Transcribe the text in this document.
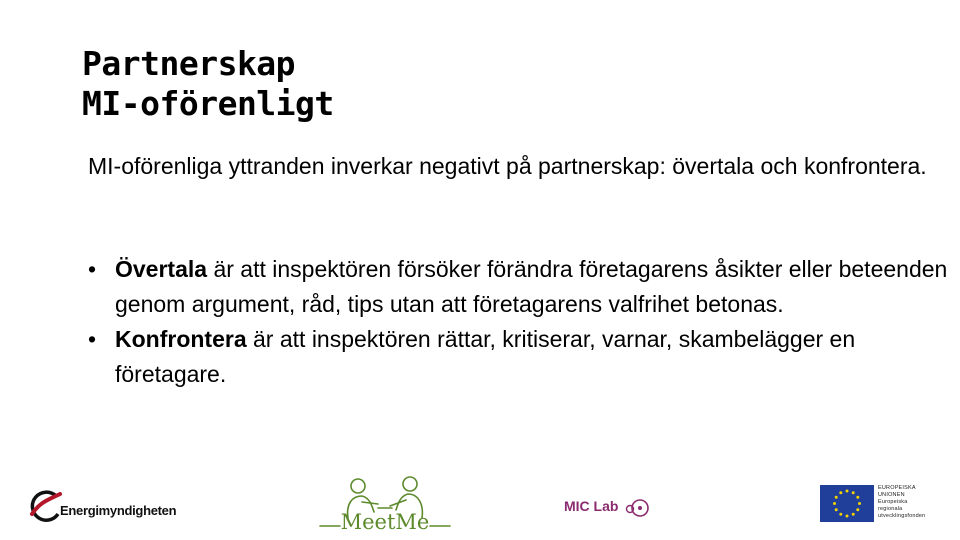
Partnerskap
MI-oförenligt

MI-oförenliga yttranden inverkar negativt på partnerskap: övertala och konfrontera.

• Övertala är att inspektören försöker förändra företagarens åsikter eller beteenden genom argument, råd, tips utan att företagarens valfrihet betonas.
• Konfrontera är att inspektören rättar, kritiserar, varnar, skambelägger en företagare.
Energimyndigheten	MeetMe
MIC Lab
EUROPEISKA
UNIONEN
Europeiska
regionala
utvecklingsfonden
